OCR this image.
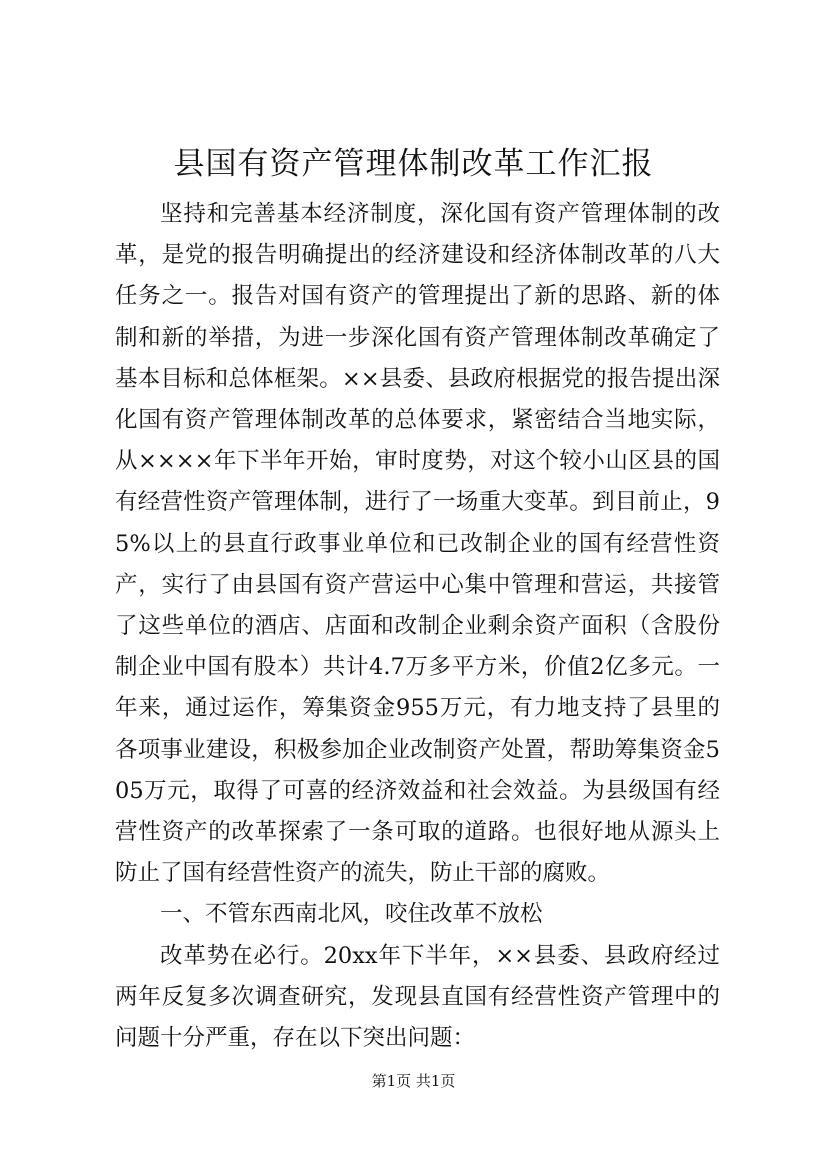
县国有资产管理体制改革工作汇报

坚持和完善基本经济制度，深化国有资产管理体制的改革，是党的报告明确提出的经济建设和经济体制改革的八大任务之一。报告对国有资产的管理提出了新的思路、新的体制和新的举措，为进一步深化国有资产管理体制改革确定了基本目标和总体框架。××县委、县政府根据党的报告提出深化国有资产管理体制改革的总体要求，紧密结合当地实际，从××××年下半年开始，审时度势，对这个较小山区县的国有经营性资产管理体制，进行了一场重大变革。到目前止，95%以上的县直行政事业单位和已改制企业的国有经营性资产，实行了由县国有资产营运中心集中管理和营运，共接管了这些单位的酒店、店面和改制企业剩余资产面积（含股份制企业中国有股本）共计4.7万多平方米，价值2亿多元。一年来，通过运作，筹集资金955万元，有力地支持了县里的各项事业建设，积极参加企业改制资产处置，帮助筹集资金505万元，取得了可喜的经济效益和社会效益。为县级国有经营性资产的改革探索了一条可取的道路。也很好地从源头上防止了国有经营性资产的流失，防止干部的腐败。

一、不管东西南北风，咬住改革不放松

改革势在必行。20xx年下半年，××县委、县政府经过两年反复多次调查研究，发现县直国有经营性资产管理中的问题十分严重，存在以下突出问题：

第1页 共1页
